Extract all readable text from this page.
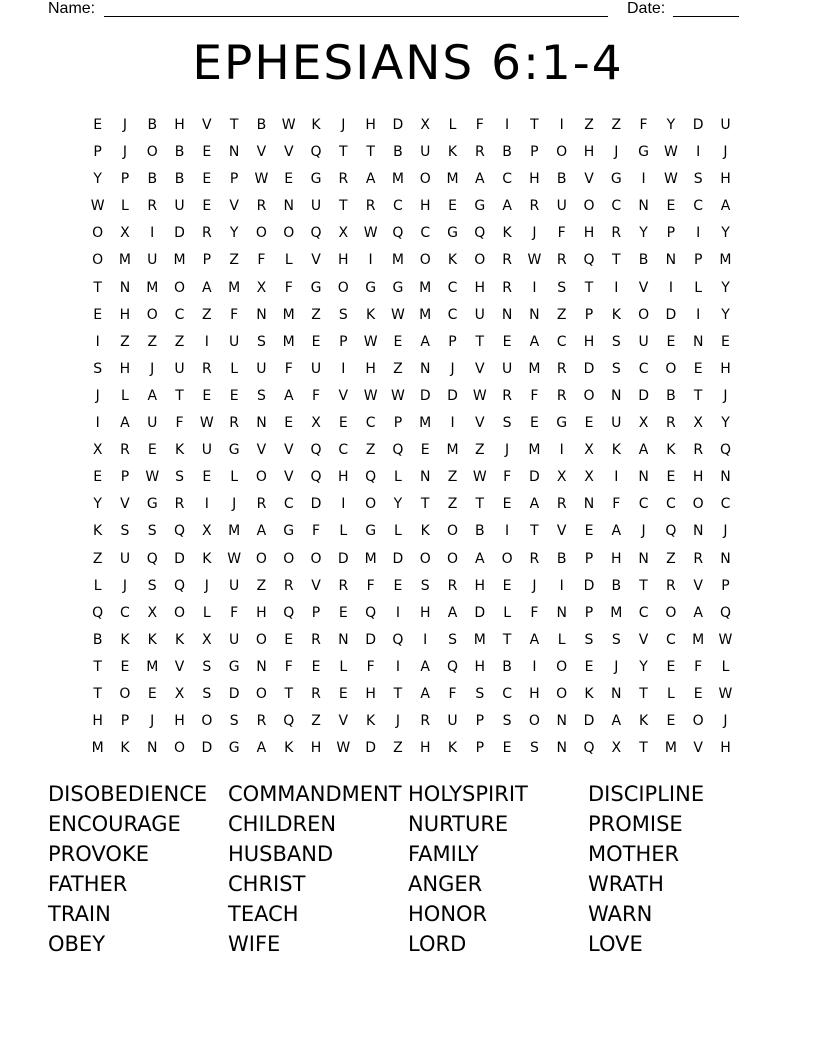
Name:	Date:
EPHESIANS 6:1-4
E	J	B	H	V	T	B	W	K	J	H	D	X	L	F	I	T	I	Z	Z	F	Y	D	U
P	J	O	B	E	N	V	V	Q	T	T	B	U	K	R	B	P	O	H	J	G	W	I	J
Y	P	B	B	E	P	W	E	G	R	A	M	O	M	A	C	H	B	V	G	I	W	S	H
W	L	R	U	E	V	R	N	U	T	R	C	H	E	G	A	R	U	O	C	N	E	C	A
O	X	I	D	R	Y	O	O	Q	X	W	Q	C	G	Q	K	J	F	H	R	Y	P	I	Y
O	M	U	M	P	Z	F	L	V	H	I	M	O	K	O	R	W	R	Q	T	B	N	P	M
T	N	M	O	A	M	X	F	G	O	G	G	M	C	H	R	I	S	T	I	V	I	L	Y
E	H	O	C	Z	F	N	M	Z	S	K	W	M	C	U	N	N	Z	P	K	O	D	I	Y
I	Z	Z	Z	I	U	S	M	E	P	W	E	A	P	T	E	A	C	H	S	U	E	N	E
S	H	J	U	R	L	U	F	U	I	H	Z	N	J	V	U	M	R	D	S	C	O	E	H
J	L	A	T	E	E	S	A	F	V	W W	D	D	W	R	F	R	O	N	D	B	T	J
I	A	U	F	W	R	N	E	X	E	C	P	M	I	V	S	E	G	E	U	X	R	X	Y
X	R	E	K	U	G	V	V	Q	C	Z	Q	E	M	Z	J	M	I	X	K	A	K	R	Q
E	P	W	S	E	L	O	V	Q	H	Q	L	N	Z	W	F	D	X	X	I	N	E	H	N
Y	V	G	R	I	J	R	C	D	I	O	Y	T	Z	T	E	A	R	N	F	C	C	O	C
K	S	S	Q	X	M	A	G	F	L	G	L	K	O	B	I	T	V	E	A	J	Q	N	J
Z	U	Q	D	K	W	O	O	O	D	M	D	O	O	A	O	R	B	P	H	N	Z	R	N
L	J	S	Q	J	U	Z	R	V	R	F	E	S	R	H	E	J	I	D	B	T	R	V	P
Q	C	X	O	L	F	H	Q	P	E	Q	I	H	A	D	L	F	N	P	M	C	O	A	Q
B	K	K	K	X	U	O	E	R	N	D	Q	I	S	M	T	A	L	S	S	V	C	M	W
T	E	M	V	S	G	N	F	E	L	F	I	A	Q	H	B	I	O	E	J	Y	E	F	L
T	O	E	X	S	D	O	T	R	E	H	T	A	F	S	C	H	O	K	N	T	L	E	W
H	P	J	H	O	S	R	Q	Z	V	K	J	R	U	P	S	O	N	D	A	K	E	O	J
M	K	N	O	D	G	A	K	H	W	D	Z	H	K	P	E	S	N	Q	X	T	M	V	H
DISOBEDIENCE COMMANDMENT HOLYSPIRIT	DISCIPLINE
ENCOURAGE	CHILDREN	NURTURE	PROMISE
PROVOKE	HUSBAND	FAMILY	MOTHER
FATHER	CHRIST	ANGER	WRATH
TRAIN	TEACH	HONOR	WARN
OBEY	WIFE	LORD	LOVE
